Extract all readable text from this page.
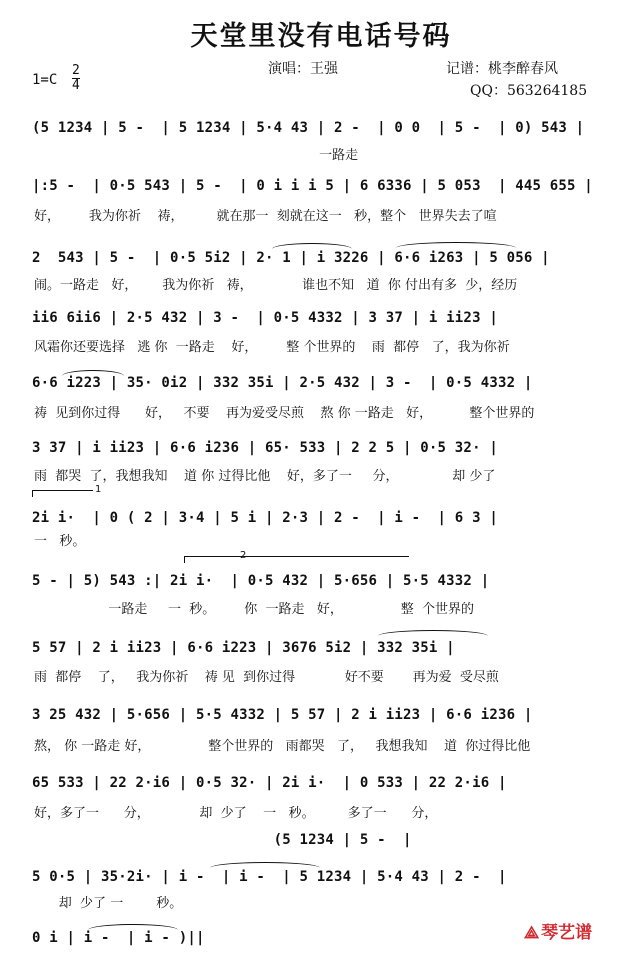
天堂里没有电话号码
演唱：王强	记谱：桃李醉春风
QQ：563264185
1=C
2
4
(5 1234 | 5 -  | 5 1234 | 5·4 43 | 2 -  | 0 0  | 5 -  | 0) 543 |
一路走
|:5 -  | 0·5 543 | 5 -  | 0 i i i 5 | 6 6336 | 5 053  | 445 655 |
好，       我为你祈    祷，        就在那一  刻就在这一   秒，整个   世界失去了喧
2  543 | 5 -  | 0·5 5i2 | 2· 1 | i 3226 | 6·6 i263 | 5 056 |
闹。一路走   好，      我为你祈   祷，            谁也不知   道  你 付出有多  少，经历
ii6 6ii6 | 2·5 432 | 3 -  | 0·5 4332 | 3 37 | i ii23 |
风霜你还要选择   逃 你  一路走    好，       整 个世界的    雨  都停   了，我为你祈
6·6 i223 | 35· 0i2 | 332 35i | 2·5 432 | 3 -  | 0·5 4332 |
祷  见到你过得      好，   不要    再为爱受尽煎    熬 你 一路走   好，         整个世界的
3 37 | i ii23 | 6·6 i236 | 65· 533 | 2 2 5 | 0·5 32· |
雨  都哭  了，我想我知    道 你 过得比他    好，多了一     分，             却 少了
1
2i i·  | 0 ( 2 | 3·4 | 5 i | 2·3 | 2 -  | i -  | 6 3 |
一   秒。
2
5 - | 5) 543 :| 2i i·  | 0·5 432 | 5·656 | 5·5 4332 |
一路走     一  秒。       你  一路走   好，              整  个世界的
5 57 | 2 i ii23 | 6·6 i223 | 3676 5i2 | 332 35i |
雨  都停    了，   我为你祈    祷 见  到你过得            好不要       再为爱  受尽煎
3 25 432 | 5·656 | 5·5 4332 | 5 57 | 2 i ii23 | 6·6 i236 |
熬， 你 一路走 好，              整个世界的   雨都哭   了，   我想我知    道  你过得比他
65 533 | 22 2·i6 | 0·5 32· | 2i i·  | 0 533 | 22 2·i6 |
好，多了一      分，            却  少了    一   秒。        多了一      分，
(5 1234 | 5 -  |
5 0·5 | 35·2i· | i -  | i -  | 5 1234 | 5·4 43 | 2 -  |
却  少了 一        秒。
0 i | i -  | i - )||	⟁ 琴艺谱
